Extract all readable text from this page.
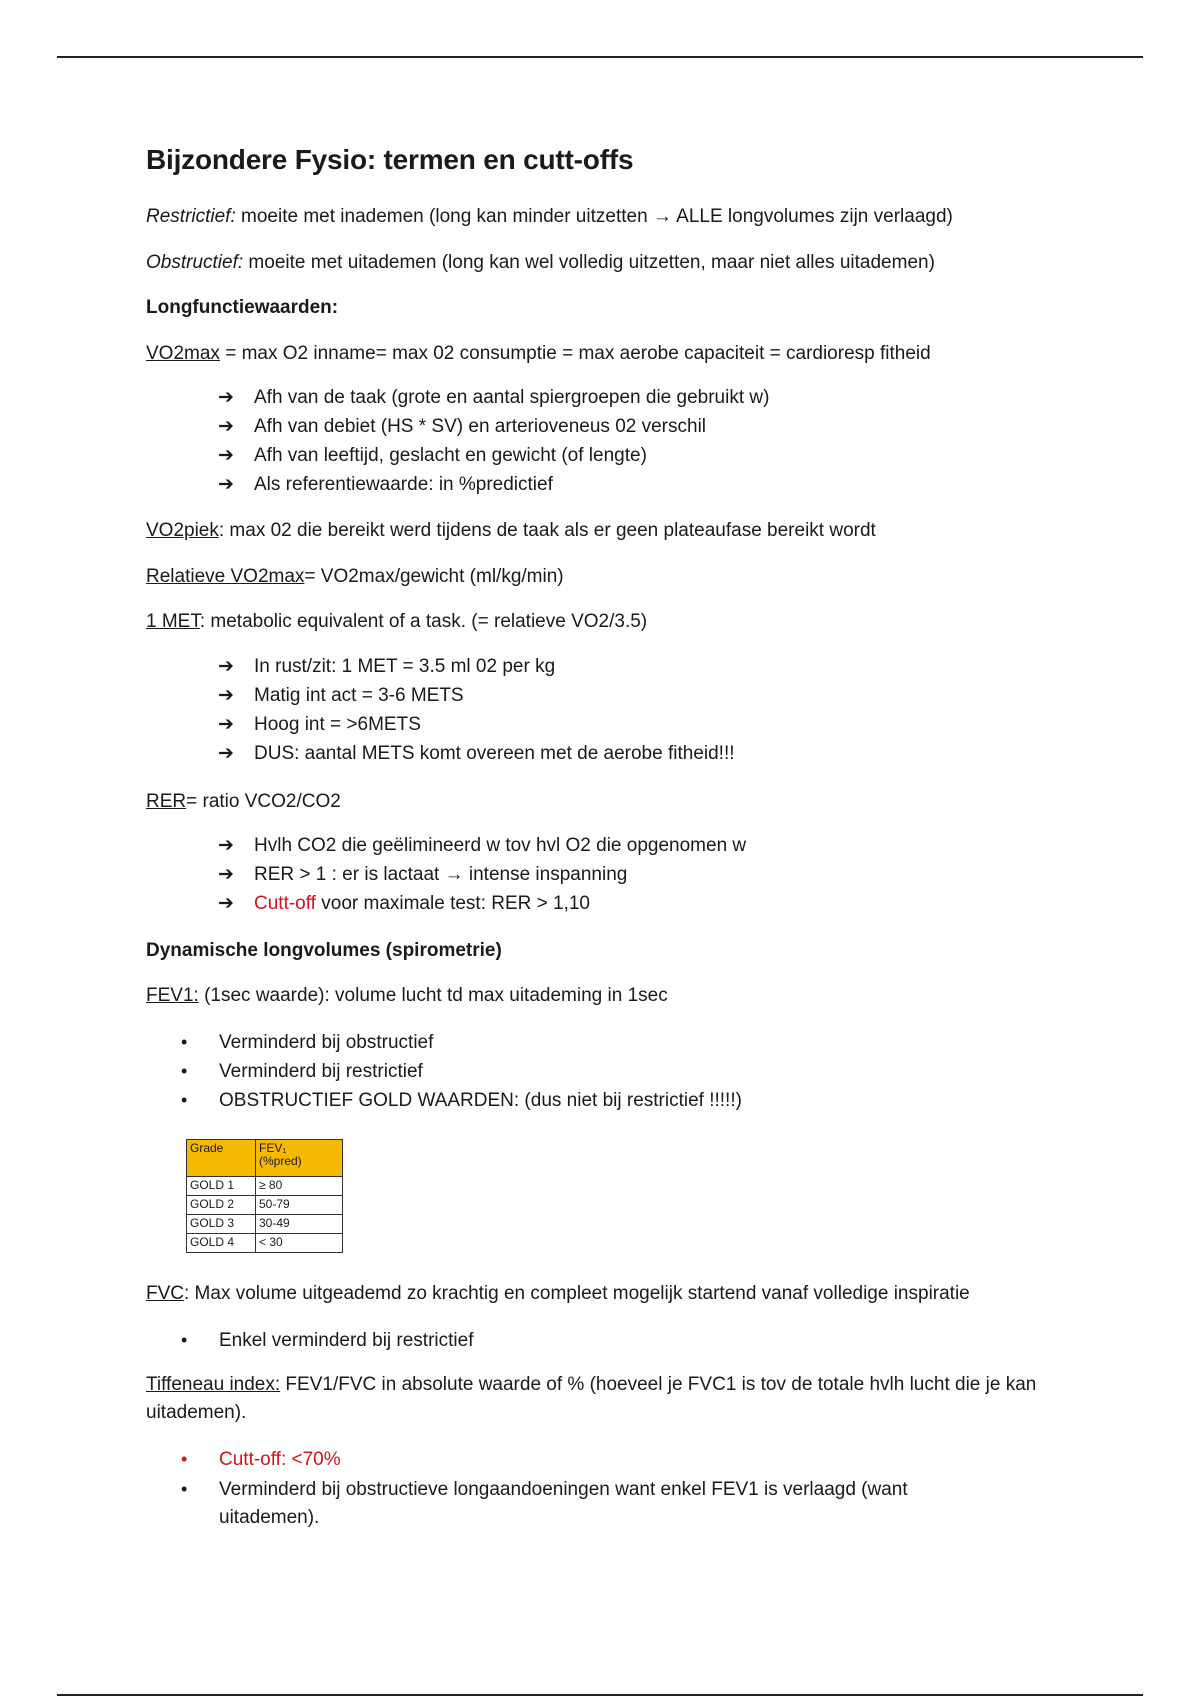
Bijzondere Fysio: termen en cutt-offs
Restrictief: moeite met inademen (long kan minder uitzetten → ALLE longvolumes zijn verlaagd)
Obstructief: moeite met uitademen (long kan wel volledig uitzetten, maar niet alles uitademen)
Longfunctiewaarden:
VO2max = max O2 inname= max 02 consumptie = max aerobe capaciteit = cardioresp fitheid
➔ Afh van de taak (grote en aantal spiergroepen die gebruikt w)
➔ Afh van debiet (HS * SV) en arterioveneus 02 verschil
➔ Afh van leeftijd, geslacht en gewicht (of lengte)
➔ Als referentiewaarde: in %predictief
VO2piek: max 02 die bereikt werd tijdens de taak als er geen plateaufase bereikt wordt
Relatieve VO2max= VO2max/gewicht (ml/kg/min)
1 MET: metabolic equivalent of a task. (= relatieve VO2/3.5)
➔ In rust/zit: 1 MET = 3.5 ml 02 per kg
➔ Matig int act = 3-6 METS
➔ Hoog int = >6METS
➔ DUS: aantal METS komt overeen met de aerobe fitheid!!!
RER= ratio VCO2/CO2
➔ Hvlh CO2 die geëlimineerd w tov hvl O2 die opgenomen w
➔ RER > 1 : er is lactaat → intense inspanning
➔ Cutt-off voor maximale test: RER > 1,10
Dynamische longvolumes (spirometrie)
FEV1: (1sec waarde): volume lucht td max uitademing in 1sec
• Verminderd bij obstructief
• Verminderd bij restrictief
• OBSTRUCTIEF GOLD WAARDEN: (dus niet bij restrictief !!!!!)
Grade	FEV₁
(%pred)
GOLD 1	≥ 80
GOLD 2	50-79
GOLD 3	30-49
GOLD 4	< 30
FVC: Max volume uitgeademd zo krachtig en compleet mogelijk startend vanaf volledige inspiratie
• Enkel verminderd bij restrictief
Tiffeneau index: FEV1/FVC in absolute waarde of % (hoeveel je FVC1 is tov de totale hvlh lucht die je kan uitademen).
• Cutt-off: <70%
• Verminderd bij obstructieve longaandoeningen want enkel FEV1 is verlaagd (want uitademen).
